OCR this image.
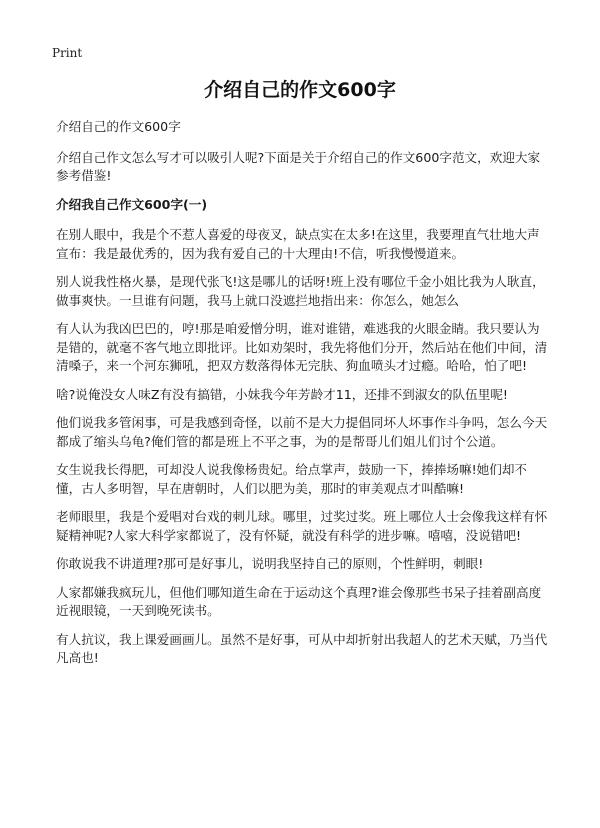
Print
介绍自己的作文600字

介绍自己的作文600字

介绍自己作文怎么写才可以吸引人呢?下面是关于介绍自己的作文600字范文，欢迎大家参考借鉴!

介绍我自己作文600字(一)

在别人眼中，我是个不惹人喜爱的母夜叉，缺点实在太多!在这里，我要理直气壮地大声宣布：我是最优秀的，因为我有爱自己的十大理由!不信，听我慢慢道来。

别人说我性格火暴，是现代张飞!这是哪儿的话呀!班上没有哪位千金小姐比我为人耿直，做事爽快。一旦谁有问题，我马上就口没遮拦地指出来：你怎么，她怎么

有人认为我凶巴巴的，哼!那是咱爱憎分明，谁对谁错，难逃我的火眼金睛。我只要认为是错的，就毫不客气地立即批评。比如劝架时，我先将他们分开，然后站在他们中间，清清嗓子，来一个河东狮吼，把双方数落得体无完肤、狗血喷头才过瘾。哈哈，怕了吧!

啥?说俺没女人味Z有没有搞错，小妹我今年芳龄才11，还排不到淑女的队伍里呢!

他们说我多管闲事，可是我感到奇怪，以前不是大力提倡同坏人坏事作斗争吗，怎么今天都成了缩头乌龟?俺们管的都是班上不平之事，为的是帮哥儿们姐儿们讨个公道。

女生说我长得肥，可却没人说我像杨贵妃。给点掌声，鼓励一下，捧捧场嘛!她们却不懂，古人多明智，早在唐朝时，人们以肥为美，那时的审美观点才叫酷嘛!

老师眼里，我是个爱唱对台戏的刺儿球。哪里，过奖过奖。班上哪位人士会像我这样有怀疑精神呢?人家大科学家都说了，没有怀疑，就没有科学的进步嘛。嘻嘻，没说错吧!

你敢说我不讲道理?那可是好事儿，说明我坚持自己的原则，个性鲜明，刺眼!

人家都嫌我疯玩儿，但他们哪知道生命在于运动这个真理?谁会像那些书呆子挂着副高度近视眼镜，一天到晚死读书。

有人抗议，我上课爱画画儿。虽然不是好事，可从中却折射出我超人的艺术天赋，乃当代凡高也!
